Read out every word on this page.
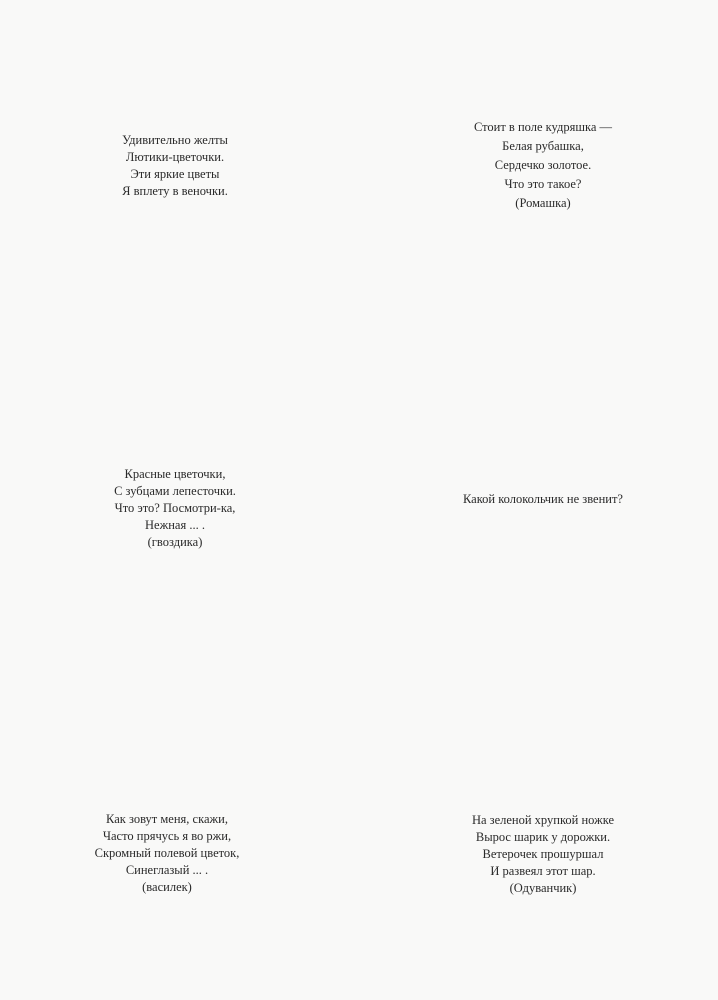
Удивительно желты
Лютики-цветочки.
Эти яркие цветы
Я вплету в веночки.
Стоит в поле кудряшка —
Белая рубашка,
Сердечко золотое.
Что это такое?
(Ромашка)
Красные цветочки,
С зубцами лепесточки.
Что это? Посмотри-ка,
Нежная ... .
(гвоздика)
Какой колокольчик не звенит?
Как зовут меня, скажи,
Часто прячусь я во ржи,
Скромный полевой цветок,
Синеглазый ... .
(василек)
На зеленой хрупкой ножке
Вырос шарик у дорожки.
Ветерочек прошуршал
И развеял этот шар.
(Одуванчик)
